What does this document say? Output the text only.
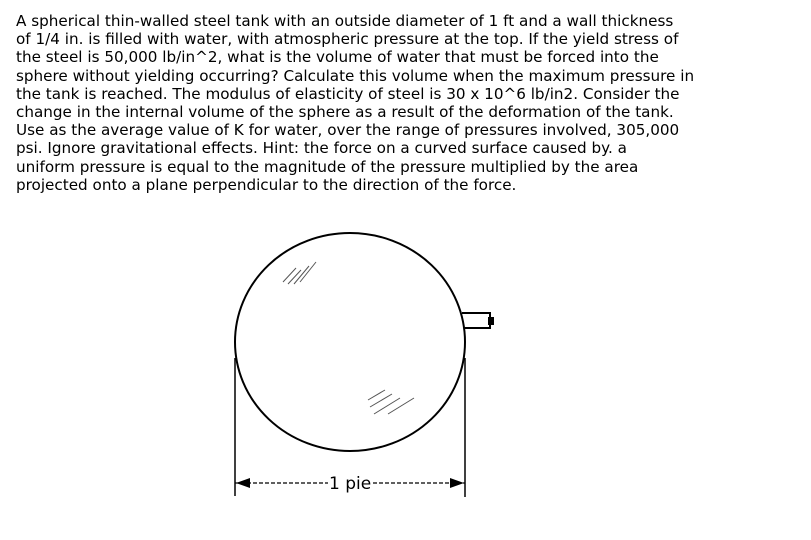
A spherical thin-walled steel tank with an outside diameter of 1 ft and a wall thickness
of 1/4 in. is filled with water, with atmospheric pressure at the top. If the yield stress of
the steel is 50,000 lb/in^2, what is the volume of water that must be forced into the
sphere without yielding occurring? Calculate this volume when the maximum pressure in
the tank is reached. The modulus of elasticity of steel is 30 x 10^6 lb/in2. Consider the
change in the internal volume of the sphere as a result of the deformation of the tank.
Use as the average value of K for water, over the range of pressures involved, 305,000
psi. Ignore gravitational effects. Hint: the force on a curved surface caused by. a
uniform pressure is equal to the magnitude of the pressure multiplied by the area
projected onto a plane perpendicular to the direction of the force.
1 pie
